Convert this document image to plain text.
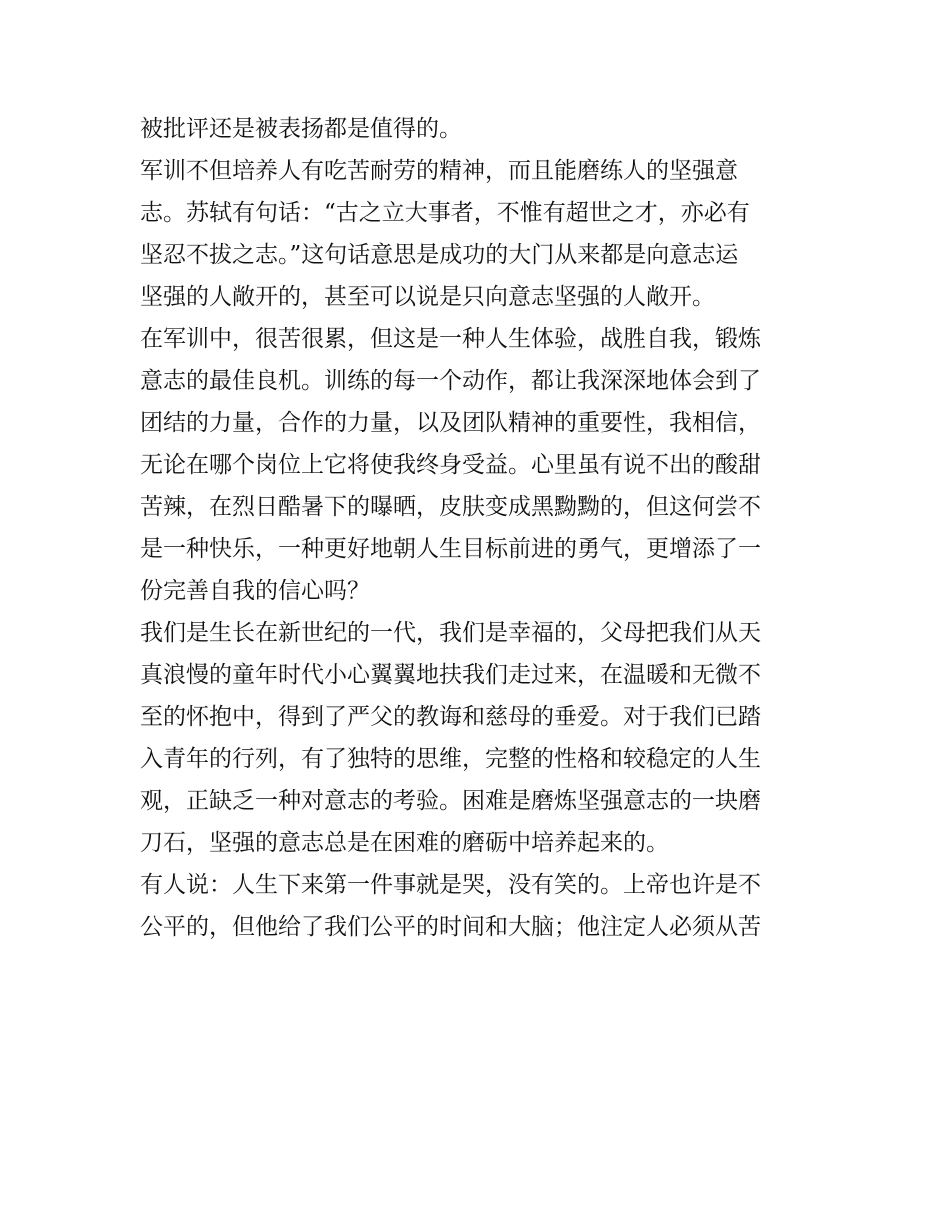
被批评还是被表扬都是值得的。
军训不但培养人有吃苦耐劳的精神，而且能磨练人的坚强意
志。苏轼有句话：“古之立大事者，不惟有超世之才，亦必有
坚忍不拔之志。”这句话意思是成功的大门从来都是向意志运
坚强的人敞开的，甚至可以说是只向意志坚强的人敞开。
在军训中，很苦很累，但这是一种人生体验，战胜自我，锻炼
意志的最佳良机。训练的每一个动作，都让我深深地体会到了
团结的力量，合作的力量，以及团队精神的重要性，我相信，
无论在哪个岗位上它将使我终身受益。心里虽有说不出的酸甜
苦辣，在烈日酷暑下的曝晒，皮肤变成黑黝黝的，但这何尝不
是一种快乐，一种更好地朝人生目标前进的勇气，更增添了一
份完善自我的信心吗？
我们是生长在新世纪的一代，我们是幸福的，父母把我们从天
真浪慢的童年时代小心翼翼地扶我们走过来，在温暖和无微不
至的怀抱中，得到了严父的教诲和慈母的垂爱。对于我们已踏
入青年的行列，有了独特的思维，完整的性格和较稳定的人生
观，正缺乏一种对意志的考验。困难是磨炼坚强意志的一块磨
刀石，坚强的意志总是在困难的磨砺中培养起来的。
有人说：人生下来第一件事就是哭，没有笑的。上帝也许是不
公平的，但他给了我们公平的时间和大脑；他注定人必须从苦
